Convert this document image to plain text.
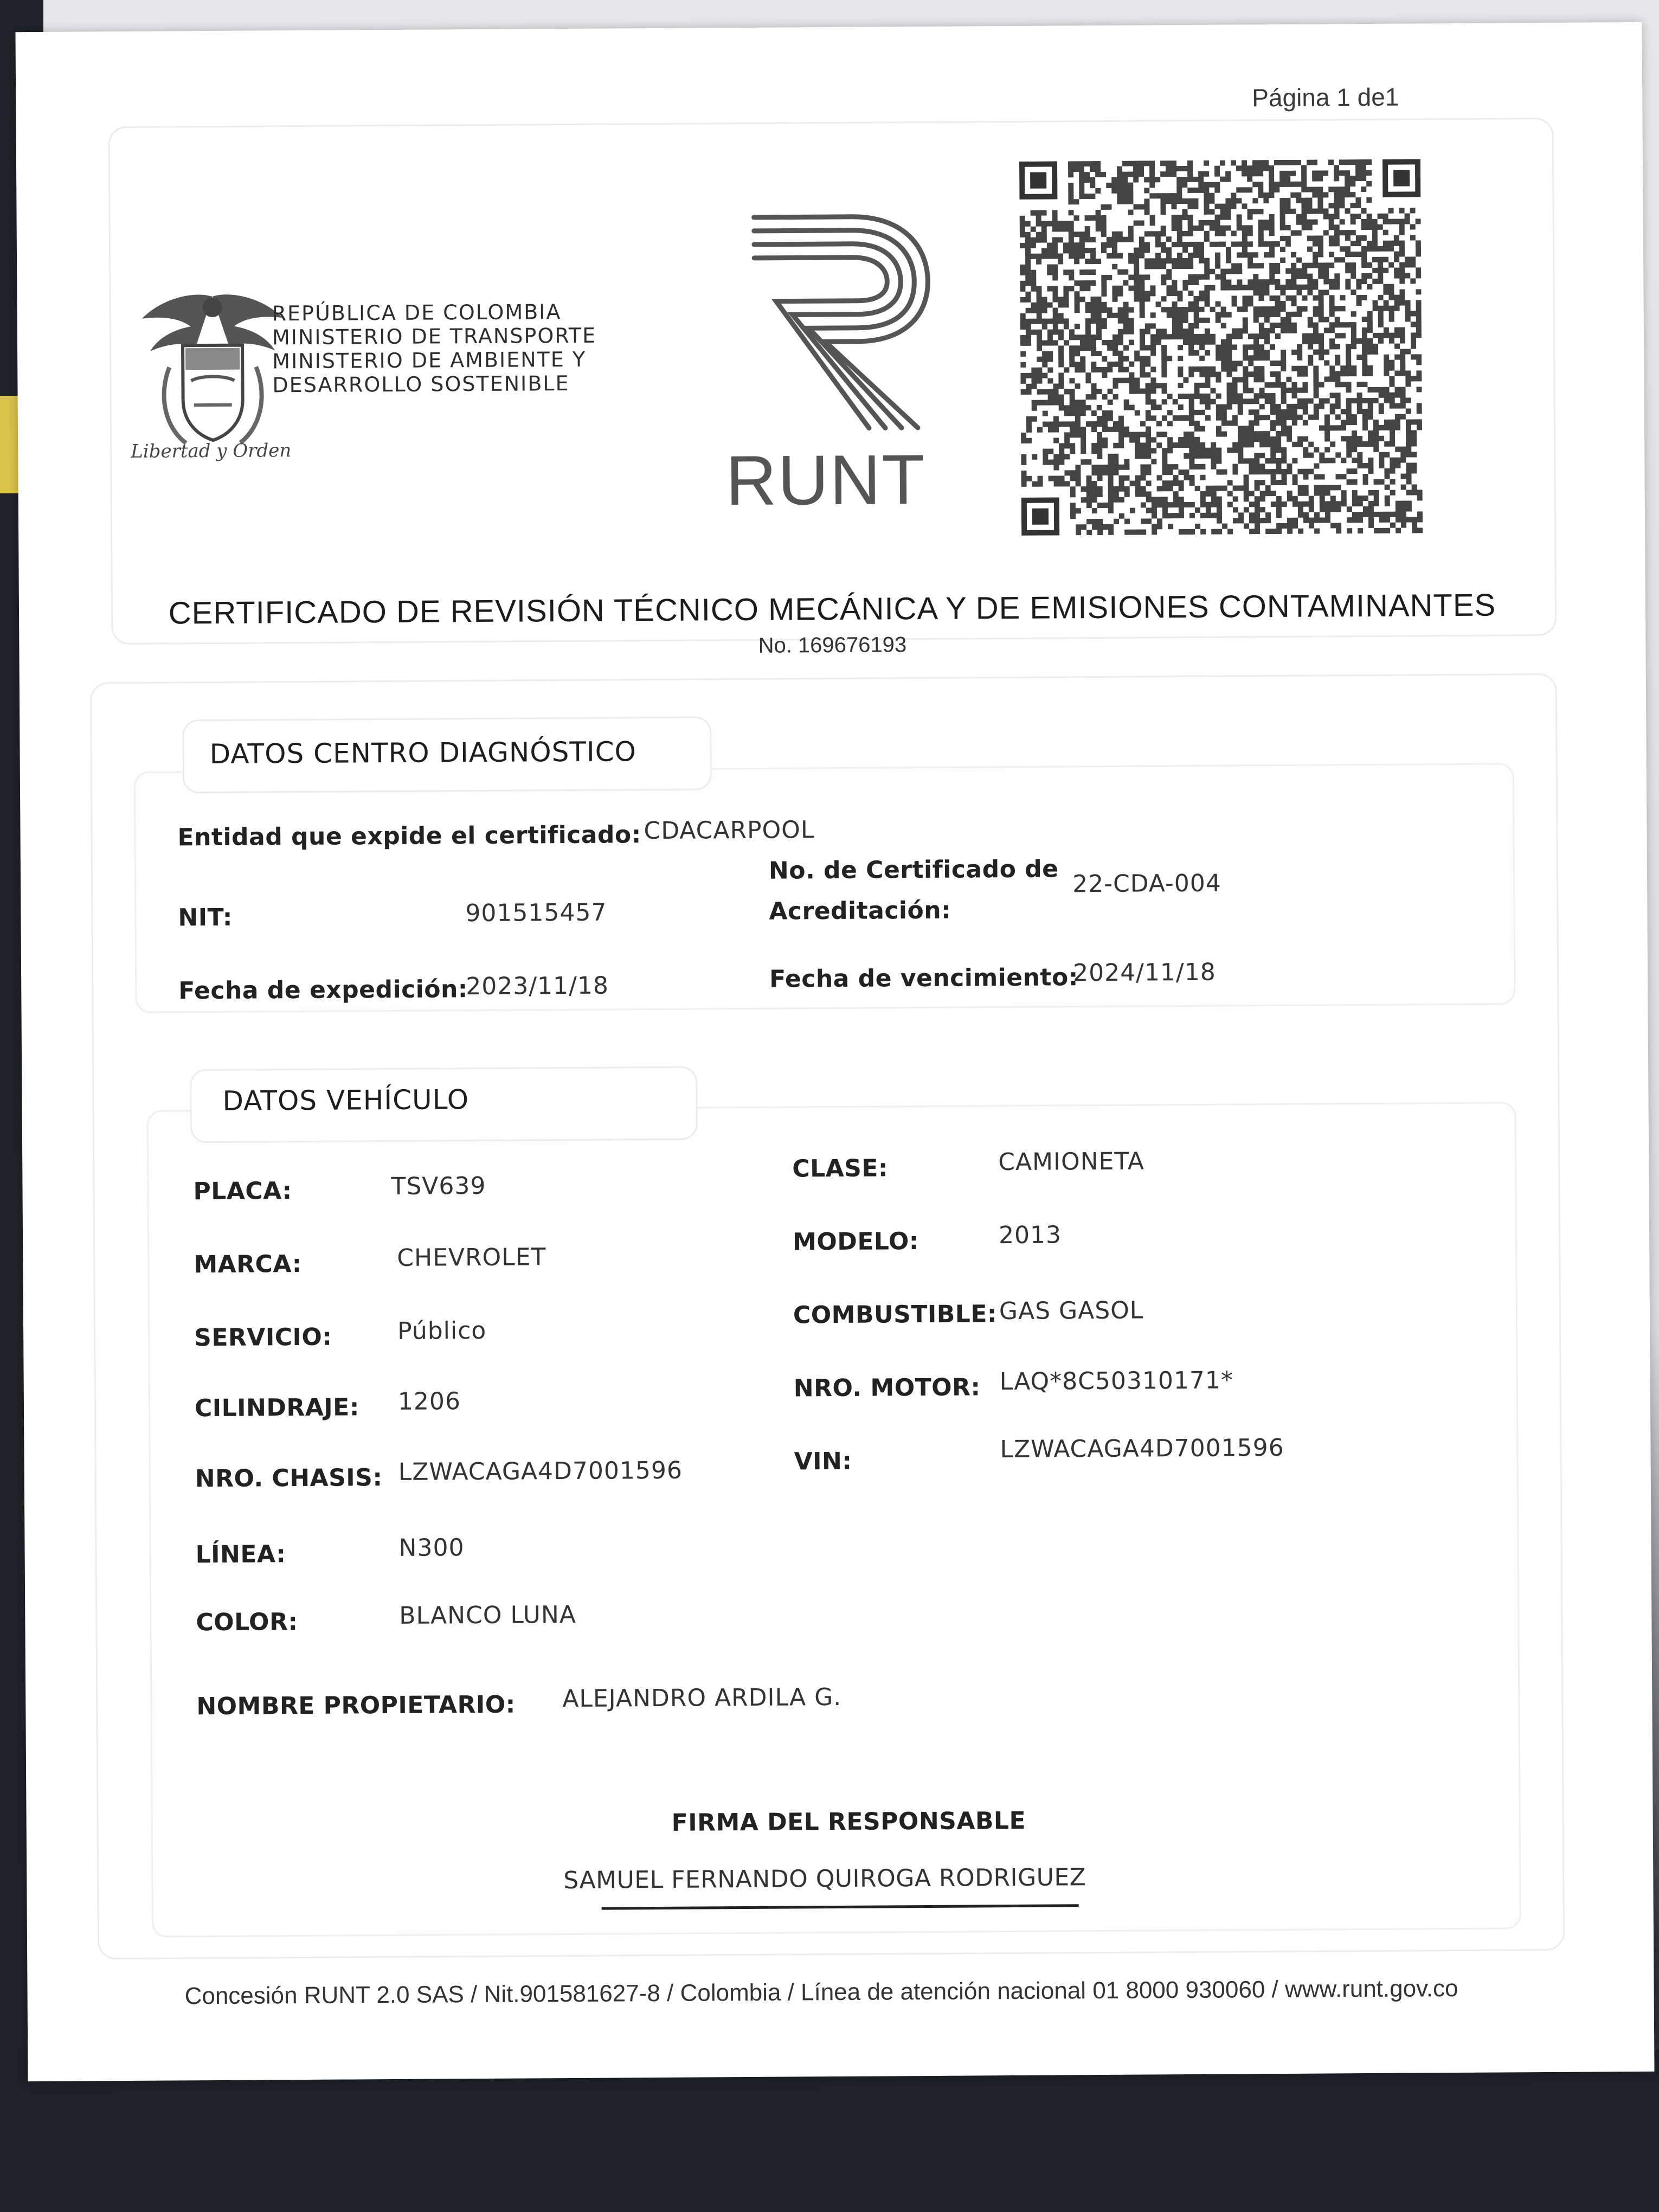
Página 1 de1
Libertad y Orden
REPÚBLICA DE COLOMBIA
MINISTERIO DE TRANSPORTE
MINISTERIO DE AMBIENTE Y
DESARROLLO SOSTENIBLE
RUNT
CERTIFICADO DE REVISIÓN TÉCNICO MECÁNICA Y DE EMISIONES CONTAMINANTES
No. 169676193
DATOS CENTRO DIAGNÓSTICO
Entidad que expide el certificado: CDACARPOOL
NIT:	901515457
No. de Certificado de
Acreditación:
22-CDA-004
Fecha de expedición:
2023/11/18	Fecha de vencimiento:
2024/11/18
DATOS VEHÍCULO
PLACA:	TSV639
CLASE:	CAMIONETA
MARCA:	CHEVROLET
MODELO:	2013
SERVICIO:	Público
COMBUSTIBLE: GAS GASOL
CILINDRAJE: 1206	NRO. MOTOR: LAQ*8C50310171*
NRO. CHASIS: LZWACAGA4D7001596	VIN:	LZWACAGA4D7001596
LÍNEA:	N300
COLOR:	BLANCO LUNA
NOMBRE PROPIETARIO: ALEJANDRO ARDILA G.
FIRMA DEL RESPONSABLE
SAMUEL FERNANDO QUIROGA RODRIGUEZ
Concesión RUNT 2.0 SAS / Nit.901581627-8 / Colombia / Línea de atención nacional 01 8000 930060 / www.runt.gov.co
